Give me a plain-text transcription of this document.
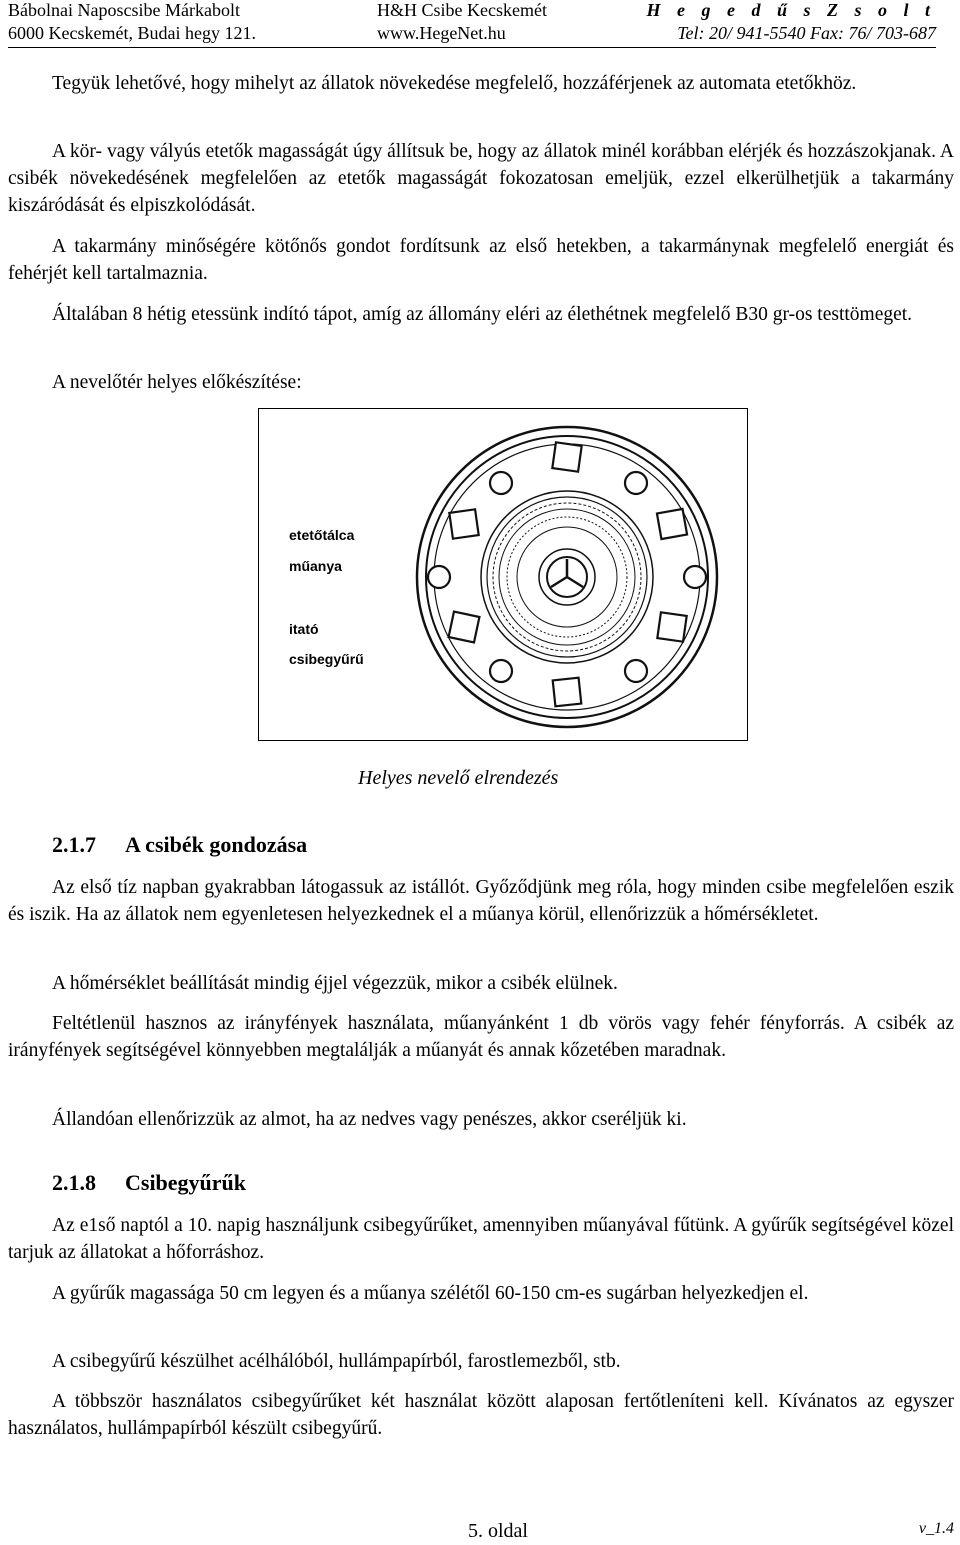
Bábolnai Naposcsibe Márkabolt	H&H Csibe Kecskemét	H e g e d ű s Z s o l t
6000 Kecskemét, Budai hegy 121.	www.HegeNet.hu	Tel: 20/ 941-5540 Fax: 76/ 703-687
Tegyük lehetővé, hogy mihelyt az állatok növekedése megfelelő, hozzáférjenek az automata etetőkhöz.
A kör- vagy vályús etetők magasságát úgy állítsuk be, hogy az állatok minél korábban elérjék és hozzászokjanak. A csibék növekedésének megfelelően az etetők magasságát fokozatosan emeljük, ezzel elkerülhetjük a takarmány kiszáródását és elpiszkolódását.
A takarmány minőségére kötőnős gondot fordítsunk az első hetekben, a takarmánynak megfelelő energiát és fehérjét kell tartalmaznia.
Általában 8 hétig etessünk indító tápot, amíg az állomány eléri az élethétnek megfelelő B30 gr-os testtömeget.
A nevelőtér helyes előkészítése:
etetőtálca
műanya
itató
csibegyűrű
Helyes nevelő elrendezés
2.1.7 A csibék gondozása
Az első tíz napban gyakrabban látogassuk az istállót. Győződjünk meg róla, hogy minden csibe megfelelően eszik és iszik. Ha az állatok nem egyenletesen helyezkednek el a műanya körül, ellenőrizzük a hőmérsékletet.
A hőmérséklet beállítását mindig éjjel végezzük, mikor a csibék elülnek.
Feltétlenül hasznos az irányfények használata, műanyánként 1 db vörös vagy fehér fényforrás. A csibék az irányfények segítségével könnyebben megtalálják a műanyát és annak kőzetében maradnak.
Állandóan ellenőrizzük az almot, ha az nedves vagy penészes, akkor cseréljük ki.
2.1.8 Csibegyűrűk
Az e1ső naptól a 10. napig használjunk csibegyűrűket, amennyiben műanyával fűtünk. A gyűrűk segítségével közel tarjuk az állatokat a hőforráshoz.
A gyűrűk magassága 50 cm legyen és a műanya szélétől 60-150 cm-es sugárban helyezkedjen el.
A csibegyűrű készülhet acélhálóból, hullámpapírból, farostlemezből, stb.
A többször használatos csibegyűrűket két használat között alaposan fertőtleníteni kell. Kívánatos az egyszer használatos, hullámpapírból készült csibegyűrű.
5. oldal	v_1.4
